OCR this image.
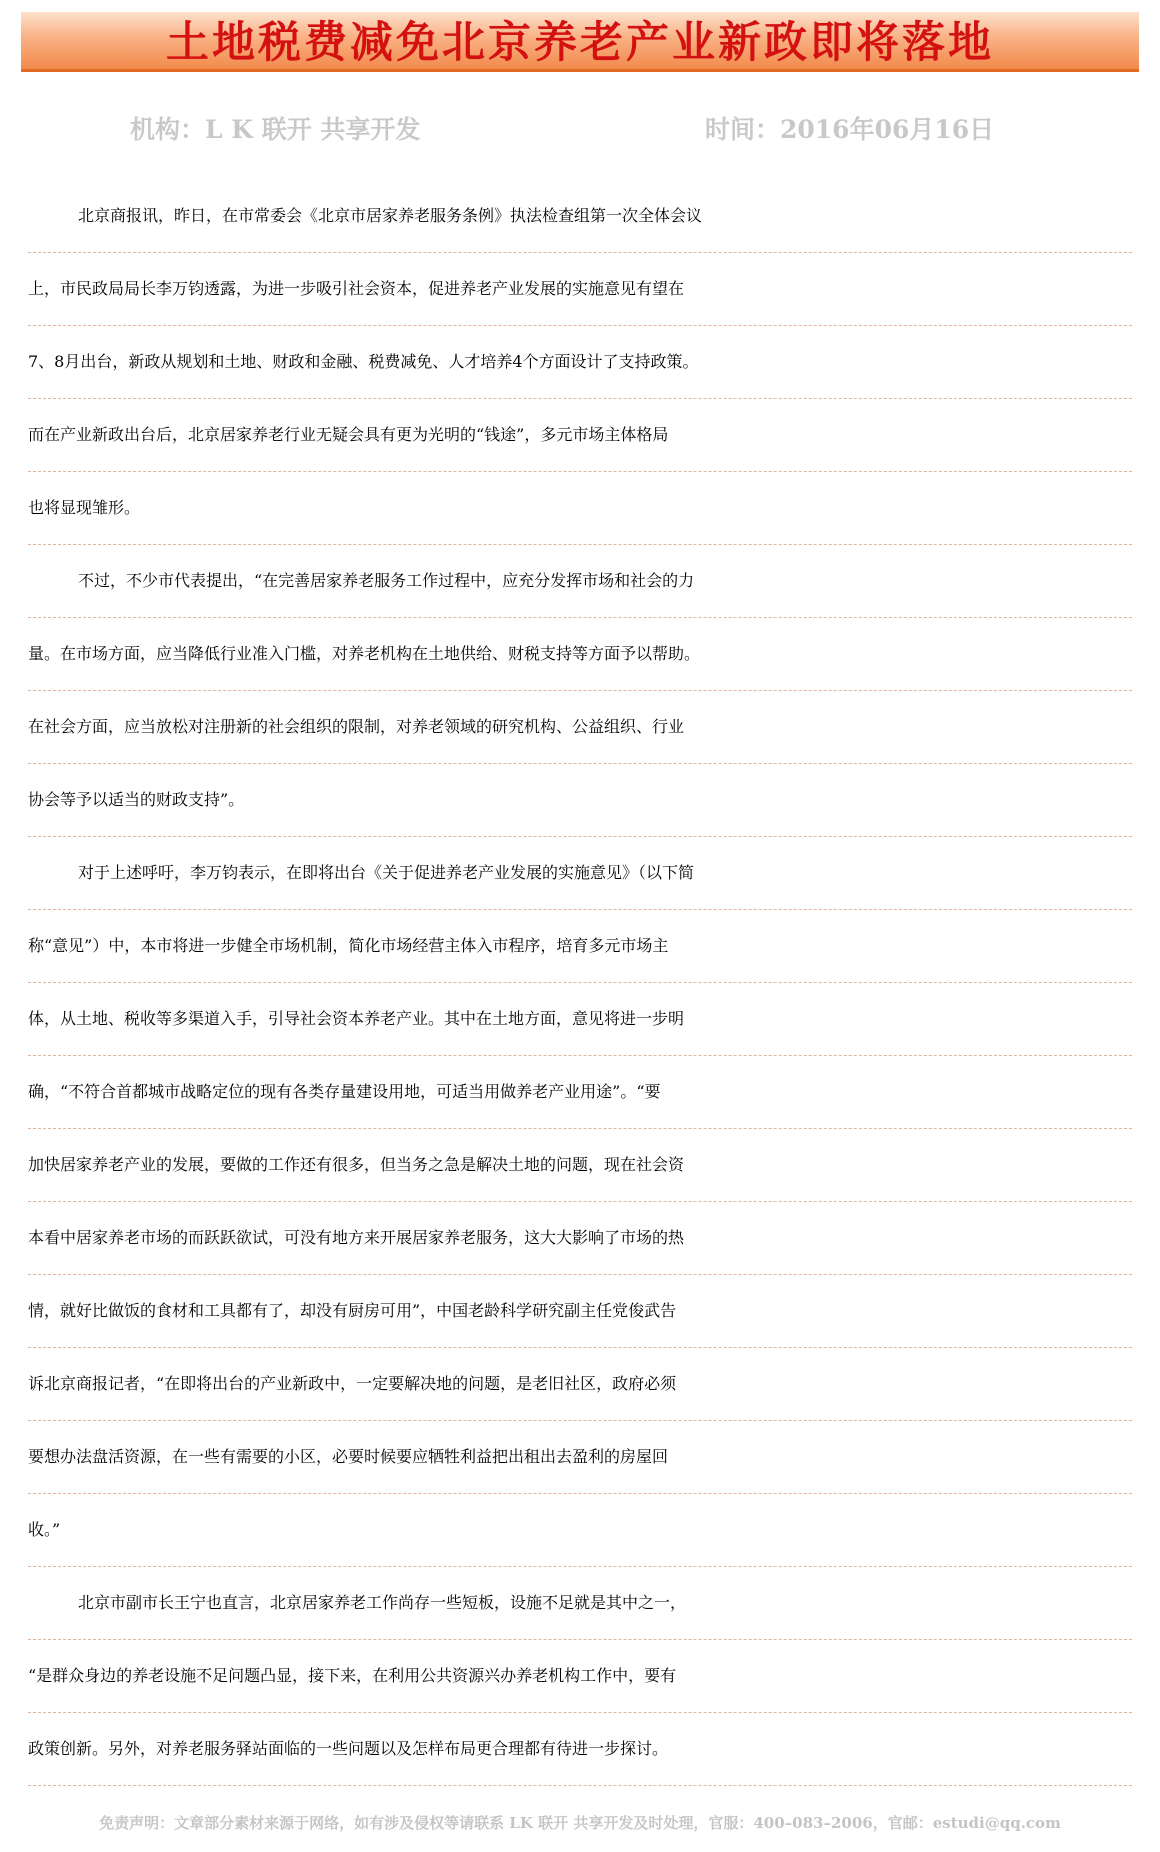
土地税费减免北京养老产业新政即将落地
机构：L K 联开 共享开发	时间：2016年06月16日
北京商报讯，昨日，在市常委会《北京市居家养老服务条例》执法检查组第一次全体会议
上，市民政局局长李万钧透露，为进一步吸引社会资本，促进养老产业发展的实施意见有望在
7、8月出台，新政从规划和土地、财政和金融、税费减免、人才培养4个方面设计了支持政策。
而在产业新政出台后，北京居家养老行业无疑会具有更为光明的“钱途”，多元市场主体格局
也将显现雏形。
不过，不少市代表提出，“在完善居家养老服务工作过程中，应充分发挥市场和社会的力
量。在市场方面，应当降低行业准入门槛，对养老机构在土地供给、财税支持等方面予以帮助。
在社会方面，应当放松对注册新的社会组织的限制，对养老领域的研究机构、公益组织、行业
协会等予以适当的财政支持”。
对于上述呼吁，李万钧表示，在即将出台《关于促进养老产业发展的实施意见》（以下简
称“意见”）中，本市将进一步健全市场机制，简化市场经营主体入市程序，培育多元市场主
体，从土地、税收等多渠道入手，引导社会资本养老产业。其中在土地方面，意见将进一步明
确，“不符合首都城市战略定位的现有各类存量建设用地，可适当用做养老产业用途”。“要
加快居家养老产业的发展，要做的工作还有很多，但当务之急是解决土地的问题，现在社会资
本看中居家养老市场的而跃跃欲试，可没有地方来开展居家养老服务，这大大影响了市场的热
情，就好比做饭的食材和工具都有了，却没有厨房可用”，中国老龄科学研究副主任党俊武告
诉北京商报记者，“在即将出台的产业新政中，一定要解决地的问题，是老旧社区，政府必须
要想办法盘活资源，在一些有需要的小区，必要时候要应牺牲利益把出租出去盈利的房屋回
收。”
北京市副市长王宁也直言，北京居家养老工作尚存一些短板，设施不足就是其中之一，
“是群众身边的养老设施不足问题凸显，接下来，在利用公共资源兴办养老机构工作中，要有
政策创新。另外，对养老服务驿站面临的一些问题以及怎样布局更合理都有待进一步探讨。
免责声明：文章部分素材来源于网络，如有涉及侵权等请联系 LK 联开 共享开发及时处理，官服：400–083–2006，官邮：estudi@qq.com
